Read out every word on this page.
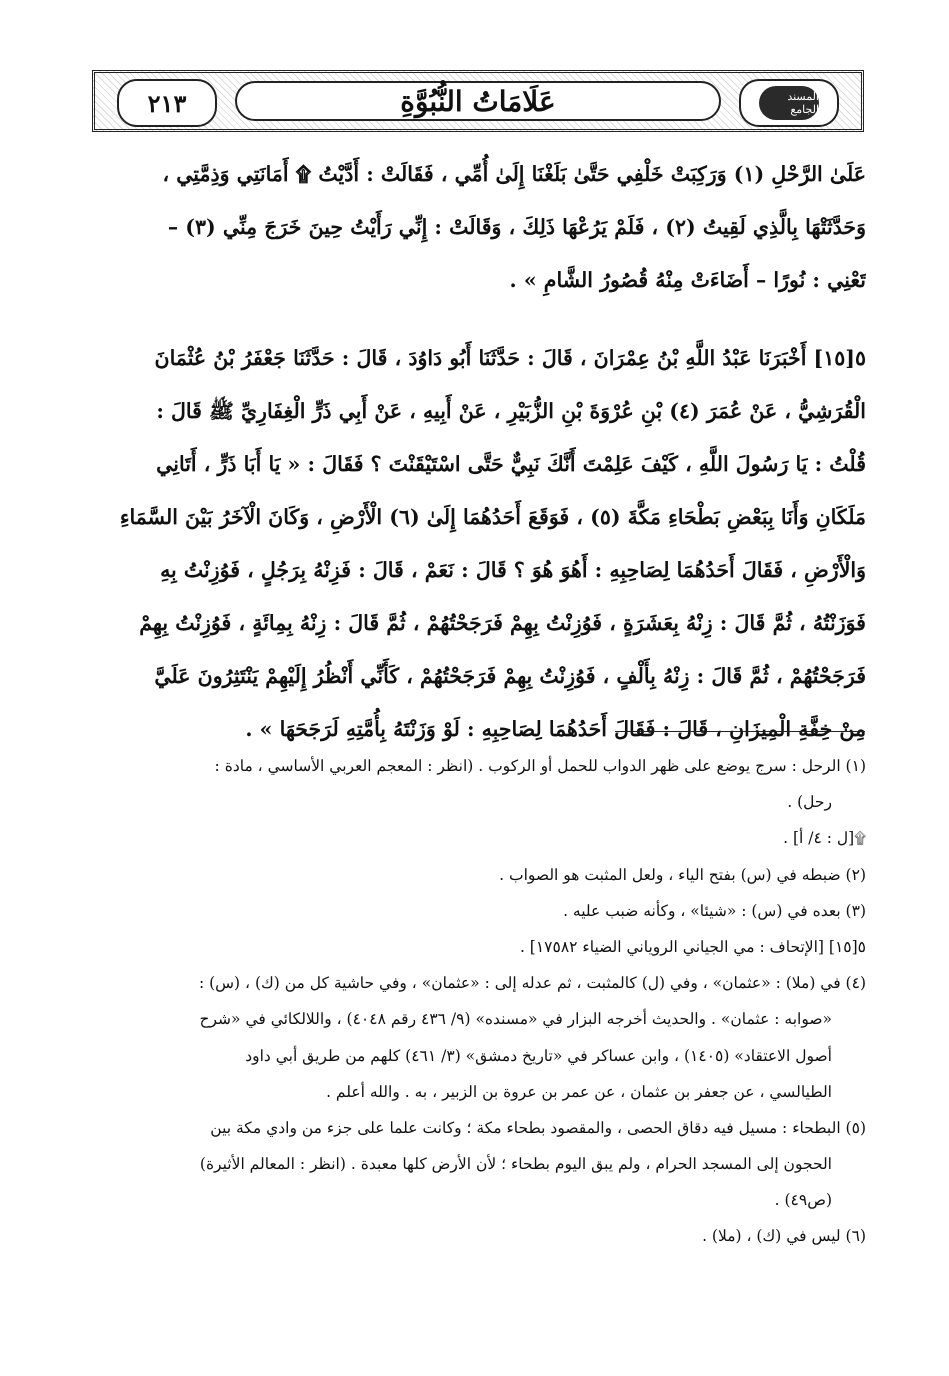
٢١٣	عَلَامَاتُ النُّبُوَّةِ	المسند الجامع
عَلَىٰ الرَّحْلِ (١) وَرَكِبَتْ خَلْفِي حَتَّىٰ بَلَغْنَا إِلَىٰ أُمِّي ، فَقَالَتْ : أَدَّيْتُ ۩ أَمَانَتِي وَذِمَّتِي ،
وَحَدَّثَتْهَا بِالَّذِي لَقِيتُ (٢) ، فَلَمْ يَرُعْهَا ذَلِكَ ، وَقَالَتْ : إِنِّي رَأَيْتُ حِينَ خَرَجَ مِنِّي (٣) –
تَعْنِي : نُورًا – أَضَاءَتْ مِنْهُ قُصُورُ الشَّامِ » .
٥[١٥] أَخْبَرَنَا عَبْدُ اللَّهِ بْنُ عِمْرَانَ ، قَالَ : حَدَّثَنَا أَبُو دَاوُدَ ، قَالَ : حَدَّثَنَا جَعْفَرُ بْنُ عُثْمَانَ
الْقُرَشِيُّ ، عَنْ عُمَرَ (٤) بْنِ عُرْوَةَ بْنِ الزُّبَيْرِ ، عَنْ أَبِيهِ ، عَنْ أَبِي ذَرٍّ الْغِفَارِيِّ ﷺ قَالَ :
قُلْتُ : يَا رَسُولَ اللَّهِ ، كَيْفَ عَلِمْتَ أَنَّكَ نَبِيٌّ حَتَّى اسْتَيْقَنْتَ ؟ فَقَالَ : « يَا أَبَا ذَرٍّ ، أَتَانِي
مَلَكَانِ وَأَنَا بِبَعْضِ بَطْحَاءِ مَكَّةَ (٥) ، فَوَقَعَ أَحَدُهُمَا إِلَىٰ (٦) الْأَرْضِ ، وَكَانَ الْآخَرُ بَيْنَ السَّمَاءِ
وَالْأَرْضِ ، فَقَالَ أَحَدُهُمَا لِصَاحِبِهِ : أَهُوَ هُوَ ؟ قَالَ : نَعَمْ ، قَالَ : فَزِنْهُ بِرَجُلٍ ، فَوُزِنْتُ بِهِ
فَوَزَنْتُهُ ، ثُمَّ قَالَ : زِنْهُ بِعَشَرَةٍ ، فَوُزِنْتُ بِهِمْ فَرَجَحْتُهُمْ ، ثُمَّ قَالَ : زِنْهُ بِمِائَةٍ ، فَوُزِنْتُ بِهِمْ
فَرَجَحْتُهُمْ ، ثُمَّ قَالَ : زِنْهُ بِأَلْفٍ ، فَوُزِنْتُ بِهِمْ فَرَجَحْتُهُمْ ، كَأَنِّي أَنْظُرُ إِلَيْهِمْ يَنْتَثِرُونَ عَلَيَّ
مِنْ خِفَّةِ الْمِيزَانِ ، قَالَ : فَقَالَ أَحَدُهُمَا لِصَاحِبِهِ : لَوْ وَزَنْتَهُ بِأُمَّتِهِ لَرَجَحَهَا » .
(١) الرحل : سرج يوضع على ظهر الدواب للحمل أو الركوب . (انظر : المعجم العربي الأساسي ، مادة :
رحل) .
۩[ل : ٤/ أ] .
(٢) ضبطه في (س) بفتح الياء ، ولعل المثبت هو الصواب .
(٣) بعده في (س) : «شيئا» ، وكأنه ضبب عليه .
٥[١٥] [الإتحاف : مي الجياني الروياني الضياء ١٧٥٨٢] .
(٤) في (ملا) : «عثمان» ، وفي (ل) كالمثبت ، ثم عدله إلى : «عثمان» ، وفي حاشية كل من (ك) ، (س) :
«صوابه : عثمان» . والحديث أخرجه البزار في «مسنده» (٩/ ٤٣٦ رقم ٤٠٤٨) ، واللالكائي في «شرح
أصول الاعتقاد» (١٤٠٥) ، وابن عساكر في «تاريخ دمشق» (٣/ ٤٦١) كلهم من طريق أبي داود
الطيالسي ، عن جعفر بن عثمان ، عن عمر بن عروة بن الزبير ، به . والله أعلم .
(٥) البطحاء : مسيل فيه دقاق الحصى ، والمقصود بطحاء مكة ؛ وكانت علما على جزء من وادي مكة بين
الحجون إلى المسجد الحرام ، ولم يبق اليوم بطحاء ؛ لأن الأرض كلها معبدة . (انظر : المعالم الأثيرة)
(ص٤٩) .
(٦) ليس في (ك) ، (ملا) .
